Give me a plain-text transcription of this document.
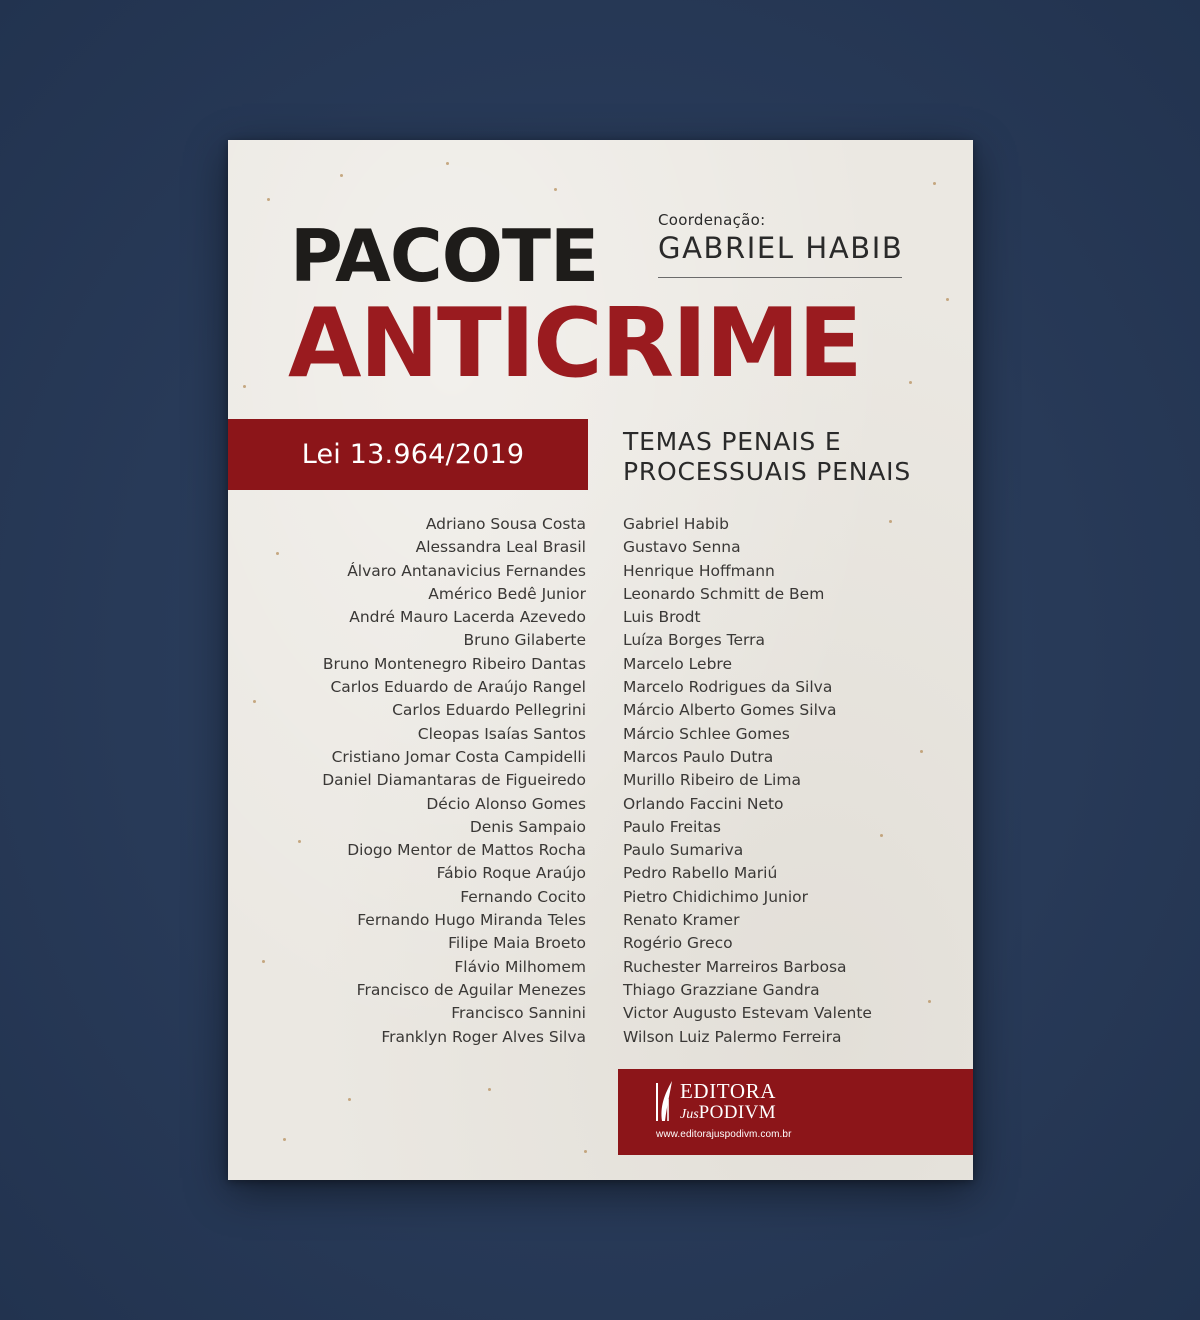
Coordenação:
GABRIEL HABIB
PACOTE
ANTICRIME
Lei 13.964/2019	TEMAS PENAIS E
PROCESSUAIS PENAIS
Adriano Sousa Costa
Alessandra Leal Brasil
Álvaro Antanavicius Fernandes
Américo Bedê Junior
André Mauro Lacerda Azevedo
Bruno Gilaberte
Bruno Montenegro Ribeiro Dantas
Carlos Eduardo de Araújo Rangel
Carlos Eduardo Pellegrini
Cleopas Isaías Santos
Cristiano Jomar Costa Campidelli
Daniel Diamantaras de Figueiredo
Décio Alonso Gomes
Denis Sampaio
Diogo Mentor de Mattos Rocha
Fábio Roque Araújo
Fernando Cocito
Fernando Hugo Miranda Teles
Filipe Maia Broeto
Flávio Milhomem
Francisco de Aguilar Menezes
Francisco Sannini
Franklyn Roger Alves Silva
Gabriel Habib
Gustavo Senna
Henrique Hoffmann
Leonardo Schmitt de Bem
Luis Brodt
Luíza Borges Terra
Marcelo Lebre
Marcelo Rodrigues da Silva
Márcio Alberto Gomes Silva
Márcio Schlee Gomes
Marcos Paulo Dutra
Murillo Ribeiro de Lima
Orlando Faccini Neto
Paulo Freitas
Paulo Sumariva
Pedro Rabello Mariú
Pietro Chidichimo Junior
Renato Kramer
Rogério Greco
Ruchester Marreiros Barbosa
Thiago Grazziane Gandra
Victor Augusto Estevam Valente
Wilson Luiz Palermo Ferreira
EDITORA
JusPODIVM
www.editorajuspodivm.com.br
